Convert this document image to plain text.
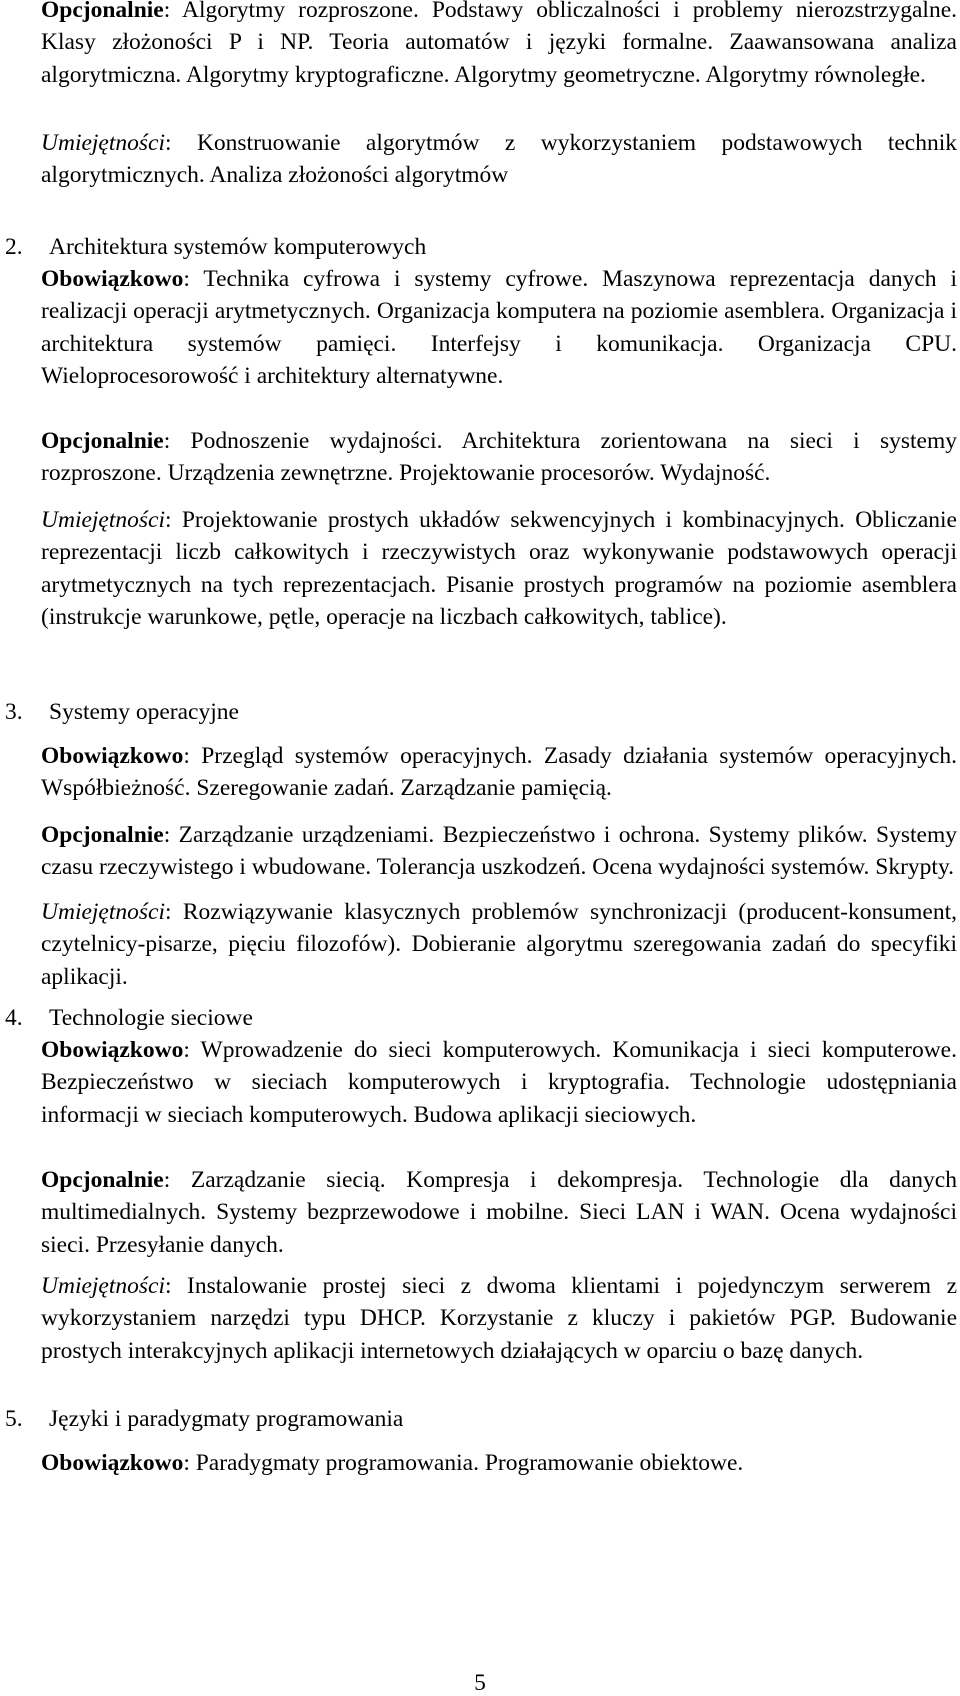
Opcjonalnie: Algorytmy rozproszone. Podstawy obliczalności i problemy nierozstrzygalne. Klasy złożoności P i NP. Teoria automatów i języki formalne. Zaawansowana analiza algorytmiczna. Algorytmy kryptograficzne. Algorytmy geometryczne. Algorytmy równoległe.

Umiejętności: Konstruowanie algorytmów z wykorzystaniem podstawowych technik algorytmicznych. Analiza złożoności algorytmów

2. Architektura systemów komputerowych

Obowiązkowo: Technika cyfrowa i systemy cyfrowe. Maszynowa reprezentacja danych i realizacji operacji arytmetycznych. Organizacja komputera na poziomie asemblera. Organizacja i architektura systemów pamięci. Interfejsy i komunikacja. Organizacja CPU. Wieloprocesorowość i architektury alternatywne.

Opcjonalnie: Podnoszenie wydajności. Architektura zorientowana na sieci i systemy rozproszone. Urządzenia zewnętrzne. Projektowanie procesorów. Wydajność.

Umiejętności: Projektowanie prostych układów sekwencyjnych i kombinacyjnych. Obliczanie reprezentacji liczb całkowitych i rzeczywistych oraz wykonywanie podstawowych operacji arytmetycznych na tych reprezentacjach. Pisanie prostych programów na poziomie asemblera (instrukcje warunkowe, pętle, operacje na liczbach całkowitych, tablice).

3. Systemy operacyjne

Obowiązkowo: Przegląd systemów operacyjnych. Zasady działania systemów operacyjnych. Współbieżność. Szeregowanie zadań. Zarządzanie pamięcią.

Opcjonalnie: Zarządzanie urządzeniami. Bezpieczeństwo i ochrona. Systemy plików. Systemy czasu rzeczywistego i wbudowane. Tolerancja uszkodzeń. Ocena wydajności systemów. Skrypty.

Umiejętności: Rozwiązywanie klasycznych problemów synchronizacji (producent-konsument, czytelnicy-pisarze, pięciu filozofów). Dobieranie algorytmu szeregowania zadań do specyfiki aplikacji.

4. Technologie sieciowe

Obowiązkowo: Wprowadzenie do sieci komputerowych. Komunikacja i sieci komputerowe. Bezpieczeństwo w sieciach komputerowych i kryptografia. Technologie udostępniania informacji w sieciach komputerowych. Budowa aplikacji sieciowych.

Opcjonalnie: Zarządzanie siecią. Kompresja i dekompresja. Technologie dla danych multimedialnych. Systemy bezprzewodowe i mobilne. Sieci LAN i WAN. Ocena wydajności sieci. Przesyłanie danych.

Umiejętności: Instalowanie prostej sieci z dwoma klientami i pojedynczym serwerem z wykorzystaniem narzędzi typu DHCP. Korzystanie z kluczy i pakietów PGP. Budowanie prostych interakcyjnych aplikacji internetowych działających w oparciu o bazę danych.

5. Języki i paradygmaty programowania

Obowiązkowo: Paradygmaty programowania. Programowanie obiektowe.

5
